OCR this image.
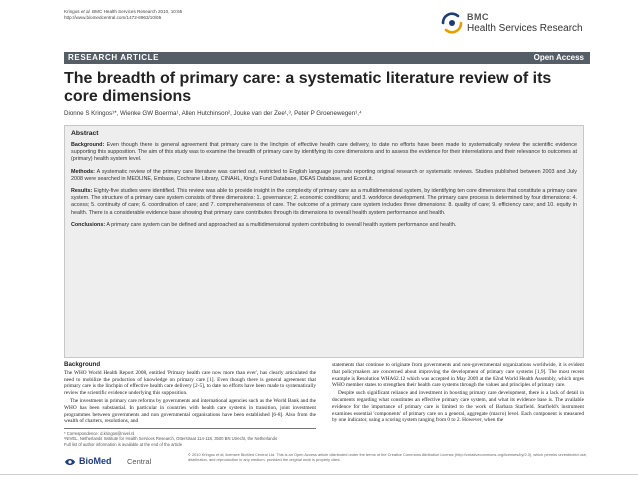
Kringos et al. BMC Health Services Research 2010, 10:65
http://www.biomedcentral.com/1472-6963/10/65	BMC
Health Services Research
RESEARCH ARTICLE	Open Access
The breadth of primary care: a systematic literature review of its core dimensions
Dionne S Kringos¹*, Wienke GW Boerma¹, Allen Hutchinson², Jouke van der Zee¹,³, Peter P Groenewegen¹,⁴
Abstract

Background: Even though there is general agreement that primary care is the linchpin of effective health care delivery, to date no efforts have been made to systematically review the scientific evidence supporting this supposition. The aim of this study was to examine the breadth of primary care by identifying its core dimensions and to assess the evidence for their interrelations and their relevance to outcomes at (primary) health system level.

Methods: A systematic review of the primary care literature was carried out, restricted to English language journals reporting original research or systematic reviews. Studies published between 2003 and July 2008 were searched in MEDLINE, Embase, Cochrane Library, CINAHL, King's Fund Database, IDEAS Database, and EconLit.

Results: Eighty-five studies were identified. This review was able to provide insight in the complexity of primary care as a multidimensional system, by identifying ten core dimensions that constitute a primary care system. The structure of a primary care system consists of three dimensions: 1. governance; 2. economic conditions; and 3. workforce development. The primary care process is determined by four dimensions: 4. access; 5. continuity of care; 6. coordination of care; and 7. comprehensiveness of care. The outcome of a primary care system includes three dimensions: 8. quality of care; 9. efficiency care; and 10. equity in health. There is a considerable evidence base showing that primary care contributes through its dimensions to overall health system performance and health.

Conclusions: A primary care system can be defined and approached as a multidimensional system contributing to overall health system performance and health.

Background

The WHO World Health Report 2008, entitled 'Primary health care now more than ever', has clearly articulated the need to mobilize the production of knowledge on primary care [1]. Even though there is general agreement that primary care is the linchpin of effective health care delivery [2-5], to date no efforts have been made to systematically review the scientific evidence underlying this supposition.

The investment in primary care reforms by governments and international agencies such as the World Bank and the WHO has been substantial. In particular in countries with health care systems in transition, joint investment programmes between governments and non governmental organisations have been established [6-8]. Also from the wealth of charters, resolutions, and

statements that continue to originate from governments and non-governmental organizations worldwide, it is evident that policymakers are concerned about improving the development of primary care systems [1,9]. The most recent example is Resolution WHA62.12 which was accepted in May 2009 at the 62nd World Health Assembly, which urges WHO member states to strengthen their health care systems through the values and principles of primary care.

Despite such significant reliance and investment in boosting primary care development, there is a lack of detail in documents regarding what constitutes an effective primary care system, and what its evidence base is. The available evidence for the importance of primary care is limited to the work of Barbara Starfield. Starfield's instrument examines essential 'components' of primary care on a general, aggregate (macro) level. Each component is measured by one indicator, using a scoring system ranging from 0 to 2. However, when the

* Correspondence: d.kringos@nivel.nl
¹NIVEL, Netherlands Institute for Health Services Research, Otterstraat 114-118, 3500 BN Utrecht, the Netherlands
Full list of author information is available at the end of the article
BioMed Central
© 2010 Kringos et al; licensee BioMed Central Ltd. This is an Open Access article distributed under the terms of the Creative Commons Attribution License (http://creativecommons.org/licenses/by/2.0), which permits unrestricted use, distribution, and reproduction in any medium, provided the original work is properly cited.
